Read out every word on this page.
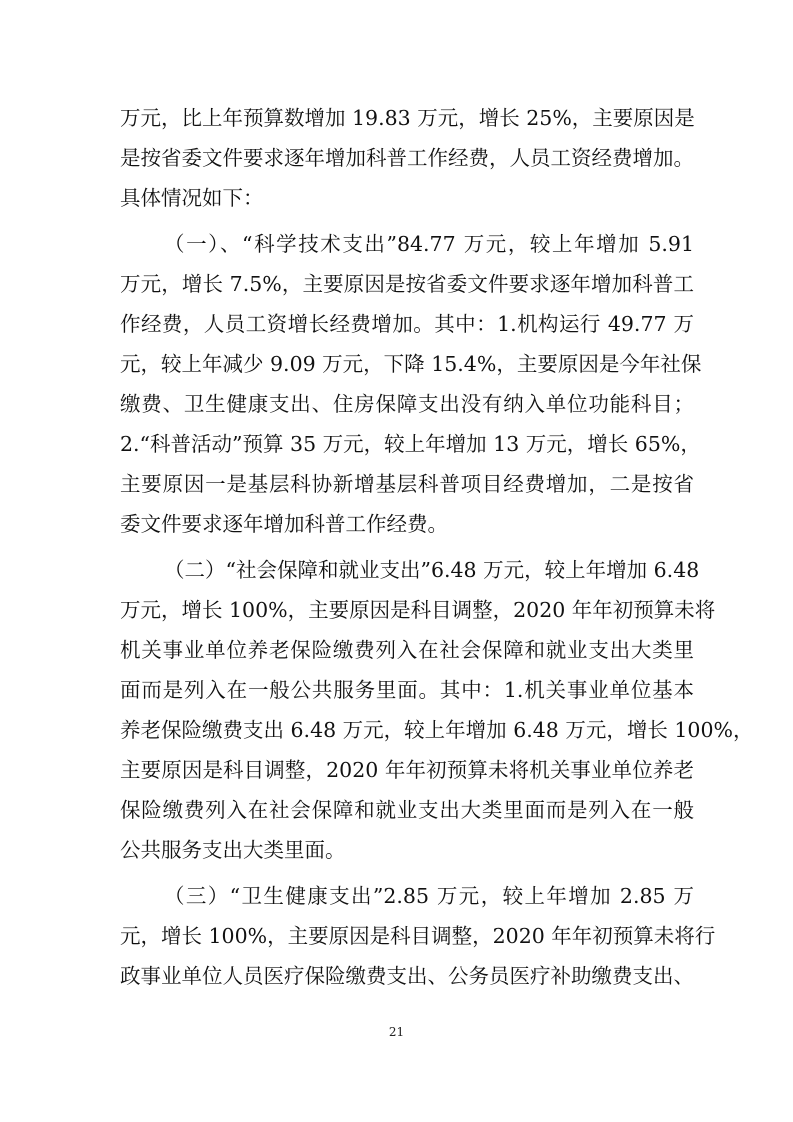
万元，比上年预算数增加 19.83 万元，增长 25%，主要原因是
是按省委文件要求逐年增加科普工作经费，人员工资经费增加。
具体情况如下：
（一）、“科学技术支出”84.77 万元，较上年增加 5.91
万元，增长 7.5%，主要原因是按省委文件要求逐年增加科普工
作经费，人员工资增长经费增加。其中：1.机构运行 49.77 万
元，较上年减少 9.09 万元，下降 15.4%，主要原因是今年社保
缴费、卫生健康支出、住房保障支出没有纳入单位功能科目；
2.“科普活动”预算 35 万元，较上年增加 13 万元，增长 65%，
主要原因一是基层科协新增基层科普项目经费增加，二是按省
委文件要求逐年增加科普工作经费。
（二）“社会保障和就业支出”6.48 万元，较上年增加 6.48
万元，增长 100%，主要原因是科目调整，2020 年年初预算未将
机关事业单位养老保险缴费列入在社会保障和就业支出大类里
面而是列入在一般公共服务里面。其中：1.机关事业单位基本
养老保险缴费支出 6.48 万元，较上年增加 6.48 万元，增长 100%，
主要原因是科目调整，2020 年年初预算未将机关事业单位养老
保险缴费列入在社会保障和就业支出大类里面而是列入在一般
公共服务支出大类里面。
（三）“卫生健康支出”2.85 万元，较上年增加 2.85 万
元，增长 100%，主要原因是科目调整，2020 年年初预算未将行
政事业单位人员医疗保险缴费支出、公务员医疗补助缴费支出、
21
